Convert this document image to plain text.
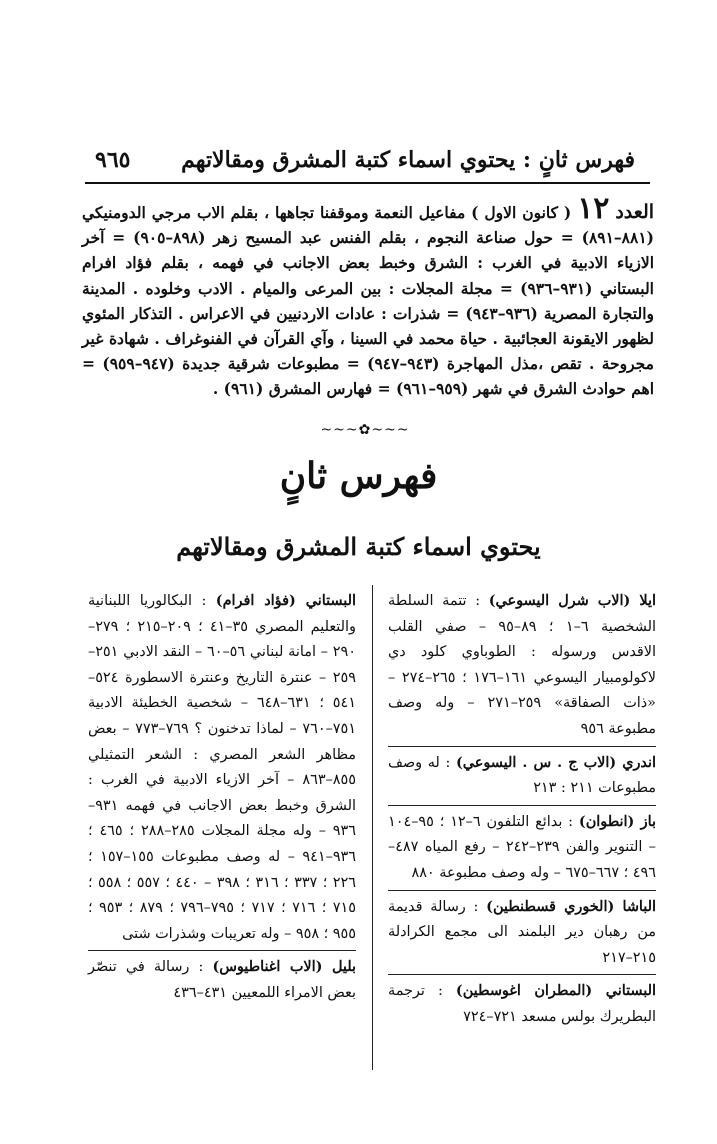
فهرس ثانٍ : يحتوي اسماء كتبة المشرق ومقالاتهم
٩٦٥
العدد ١٢ ( كانون الاول ) مفاعيل النعمة وموقفنا تجاهها ، بقلم الاب مرجي الدومنيكي (٨٨١–٨٩١) = حول صناعة النجوم ، بقلم الفنس عبد المسيح زهر (٨٩٨–٩٠٥) = آخر الازياء الادبية في الغرب : الشرق وخبط بعض الاجانب في فهمه ، بقلم فؤاد افرام البستاني (٩٣١–٩٣٦) = مجلة المجلات : بين المرعى والميام . الادب وخلوده . المدينة والتجارة المصرية (٩٣٦–٩٤٣) = شذرات : عادات الاردنيين في الاعراس . التذكار المئوي لظهور الايقونة العجائبية . حياة محمد في السينا ، وآي القرآن في الفنوغراف . شهادة غير مجروحة . تقص ،مذل المهاجرة (٩٤٣–٩٤٧) = مطبوعات شرقية جديدة (٩٤٧–٩٥٩) = اهم حوادث الشرق في شهر (٩٥٩–٩٦١) = فهارس المشرق (٩٦١) .
~~~✿~~~
فهرس ثانٍ
يحتوي اسماء كتبة المشرق ومقالاتهم
ايلا (الاب شرل اليسوعي) : تتمة السلطة الشخصية ٦–١ ؛ ٨٩–٩٥ – صفي القلب الاقدس ورسوله : الطوباوي كلود دي لاكولومبيار اليسوعي ١٦١–١٧٦ ؛ ٢٦٥–٢٧٤ – «ذات الصفاقة» ٢٥٩–٢٧١ – وله وصف مطبوعة ٩٥٦
اندري (الاب ج . س . اليسوعي) : له وصف مطبوعات ٢١١ : ٢١٣
باز (انطوان) : بدائع التلفون ٦–١٢ ؛ ٩٥–١٠٤ – التنوير والفن ٢٣٩–٢٤٢ – رفع المياه ٤٨٧–٤٩٦ ؛ ٦٦٧–٦٧٥ – وله وصف مطبوعة ٨٨٠
الباشا (الخوري قسطنطين) : رسالة قديمة من رهبان دير البلمند الى مجمع الكرادلة ٢١٥–٢١٧
البستاني (المطران اغوسطين) : ترجمة البطريرك بولس مسعد ٧٢١–٧٢٤
البستاني (فؤاد افرام) : البكالوريا اللبنانية والتعليم المصري ٣٥–٤١ ؛ ٢٠٩–٢١٥ ؛ ٢٧٩–٢٩٠ – امانة لبناني ٥٦–٦٠ – النقد الادبي ٢٥١–٢٥٩ – عنترة التاريخ وعنترة الاسطورة ٥٢٤–٥٤١ ؛ ٦٣١–٦٤٨ – شخصية الخطيئة الادبية ٧٥١–٧٦٠ – لماذا تدخنون ؟ ٧٦٩–٧٧٣ – بعض مظاهر الشعر المصري : الشعر التمثيلي ٨٥٥–٨٦٣ – آخر الازياء الادبية في الغرب : الشرق وخبط بعض الاجانب في فهمه ٩٣١–٩٣٦ – وله مجلة المجلات ٢٨٥–٢٨٨ ؛ ٤٦٥ ؛ ٩٣٦–٩٤١ – له وصف مطبوعات ١٥٥–١٥٧ ؛ ٢٢٦ ؛ ٣٣٧ ؛ ٣١٦ ؛ ٣٩٨ – ٤٤٠ ؛ ٥٥٧ ؛ ٥٥٨ ؛ ٧١٥ ؛ ٧١٦ ؛ ٧١٧ ؛ ٧٩٥–٧٩٦ ؛ ٨٧٩ ؛ ٩٥٣ ؛ ٩٥٥ ؛ ٩٥٨ – وله تعريبات وشذرات شتى
بليل (الاب اغناطيوس) : رسالة في تنصّر بعض الامراء اللمعيين ٤٣١–٤٣٦
